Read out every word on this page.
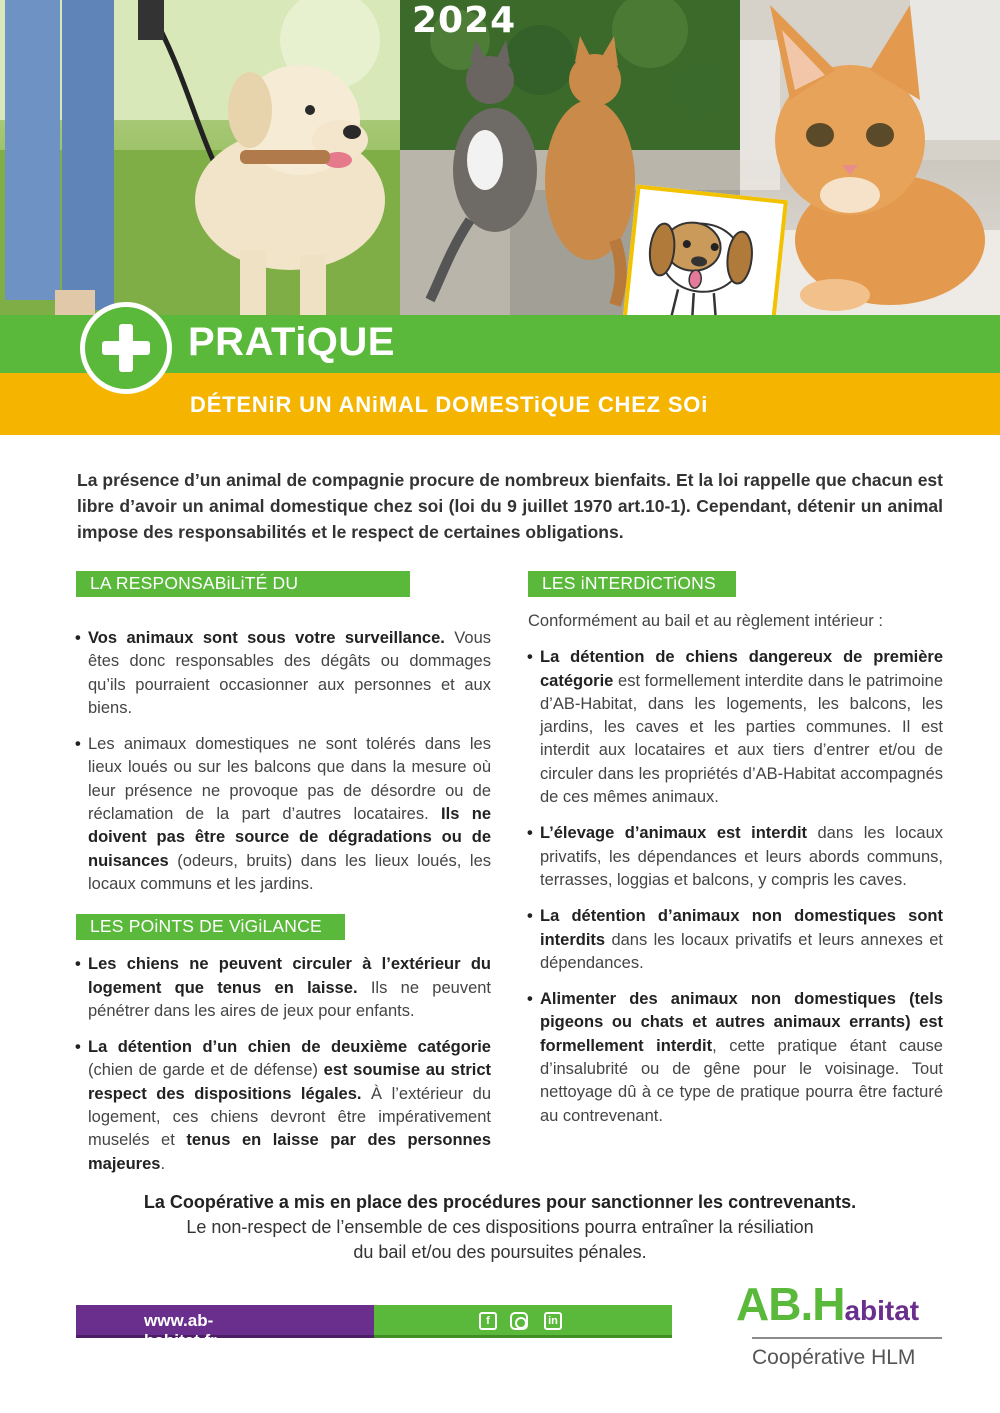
2024
PRATiQUE
DÉTENiR UN ANiMAL DOMESTiQUE CHEZ SOi

La présence d’un animal de compagnie procure de nombreux bienfaits. Et la loi rappelle que chacun est libre d’avoir un animal domestique chez soi (loi du 9 juillet 1970 art.10-1). Cependant, détenir un animal impose des responsabilités et le respect de certaines obligations.

LA RESPONSABiLiTÉ DU LOCATAiRE

• Vos animaux sont sous votre surveillance. Vous êtes donc responsables des dégâts ou dommages qu’ils pourraient occasionner aux personnes et aux biens.

• Les animaux domestiques ne sont tolérés dans les lieux loués ou sur les balcons que dans la mesure où leur présence ne provoque pas de désordre ou de réclamation de la part d’autres locataires. Ils ne doivent pas être source de dégradations ou de nuisances (odeurs, bruits) dans les lieux loués, les locaux communs et les jardins.

LES POiNTS DE ViGiLANCE

• Les chiens ne peuvent circuler à l’extérieur du logement que tenus en laisse. Ils ne peuvent pénétrer dans les aires de jeux pour enfants.

• La détention d’un chien de deuxième catégorie (chien de garde et de défense) est soumise au strict respect des dispositions légales. À l’extérieur du logement, ces chiens devront être impérativement muselés et tenus en laisse par des personnes majeures.

LES iNTERDiCTiONS

Conformément au bail et au règlement intérieur :

• La détention de chiens dangereux de première catégorie est formellement interdite dans le patrimoine d’AB-Habitat, dans les logements, les balcons, les jardins, les caves et les parties communes. Il est interdit aux locataires et aux tiers d’entrer et/ou de circuler dans les propriétés d’AB-Habitat accompagnés de ces mêmes animaux.

• L’élevage d’animaux est interdit dans les locaux privatifs, les dépendances et leurs abords communs, terrasses, loggias et balcons, y compris les caves.

• La détention d’animaux non domestiques sont interdits dans les locaux privatifs et leurs annexes et dépendances.

• Alimenter des animaux non domestiques (tels pigeons ou chats et autres animaux errants) est formellement interdit, cette pratique étant cause d’insalubrité ou de gêne pour le voisinage. Tout nettoyage dû à ce type de pratique pourra être facturé au contrevenant.

La Coopérative a mis en place des procédures pour sanctionner les contrevenants.
Le non-respect de l’ensemble de ces dispositions pourra entraîner la résiliation
du bail et/ou des poursuites pénales.
www.ab-habitat.fr
f	in	AB.Habitat
Coopérative HLM
